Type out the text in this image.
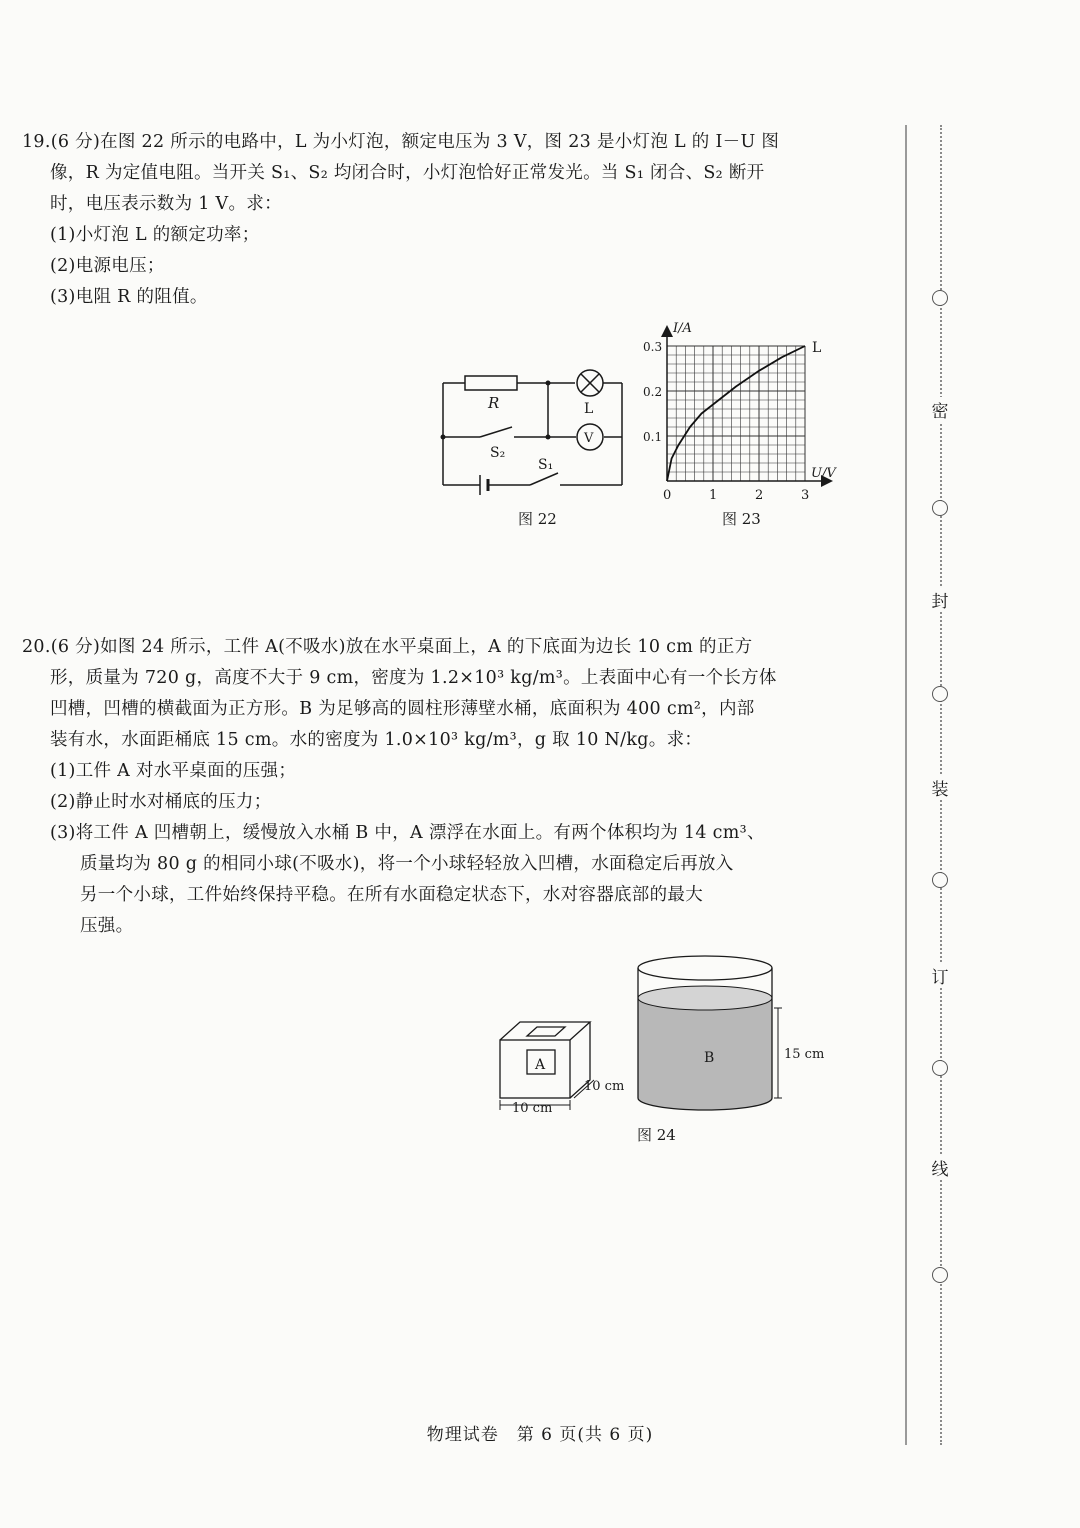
19.(6 分)在图 22 所示的电路中，L 为小灯泡，额定电压为 3 V，图 23 是小灯泡 L 的 I－U 图

像，R 为定值电阻。当开关 S₁、S₂ 均闭合时，小灯泡恰好正常发光。当 S₁ 闭合、S₂ 断开

时，电压表示数为 1 V。求：

(1)小灯泡 L 的额定功率；

(2)电源电压；

(3)电阻 R 的阻值。

R	L
V
S₂
S₁
图 22
I/A
U/V
0	1	2	3
0.1
0.2
0.3	L
图 23

20.(6 分)如图 24 所示，工件 A(不吸水)放在水平桌面上，A 的下底面为边长 10 cm 的正方

形，质量为 720 g，高度不大于 9 cm，密度为 1.2×10³ kg/m³。上表面中心有一个长方体

凹槽，凹槽的横截面为正方形。B 为足够高的圆柱形薄壁水桶，底面积为 400 cm²，内部

装有水，水面距桶底 15 cm。水的密度为 1.0×10³ kg/m³，g 取 10 N/kg。求：

(1)工件 A 对水平桌面的压强；

(2)静止时水对桶底的压力；

(3)将工件 A 凹槽朝上，缓慢放入水桶 B 中，A 漂浮在水面上。有两个体积均为 14 cm³、

质量均为 80 g 的相同小球(不吸水)，将一个小球轻轻放入凹槽，水面稳定后再放入

另一个小球，工件始终保持平稳。在所有水面稳定状态下，水对容器底部的最大

压强。

A
10 cm
10 cm
B	15 cm
图 24
密
封
装
订
线
物理试卷　第 6 页(共 6 页)
